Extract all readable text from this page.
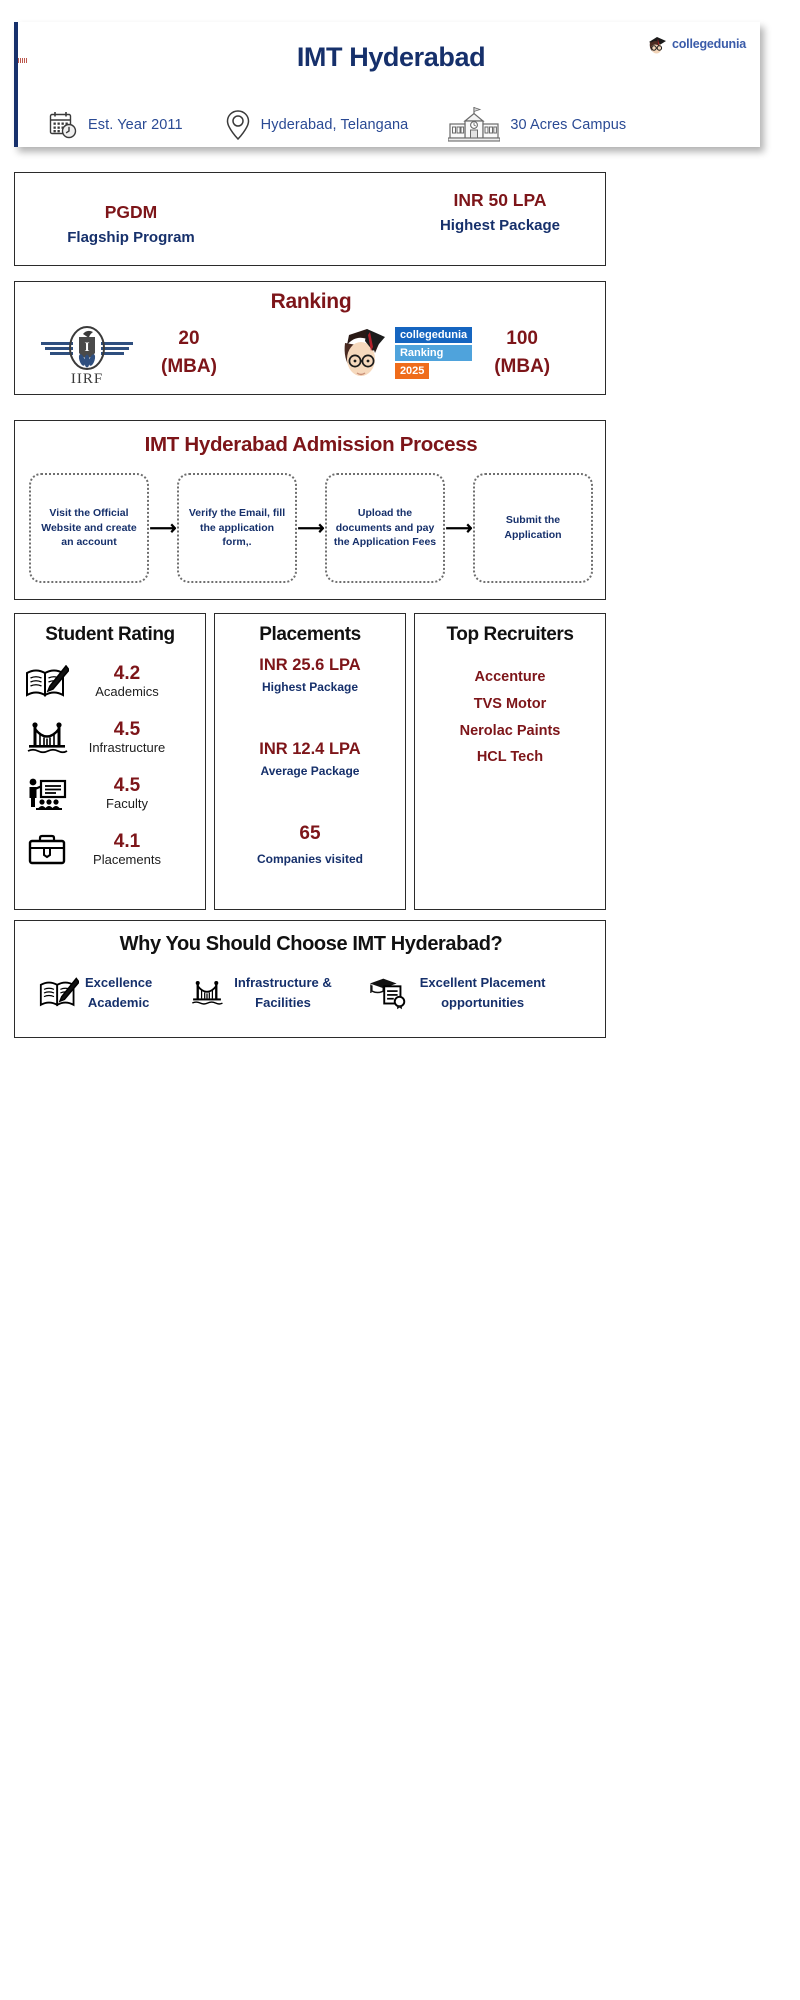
IMT Hyderabad	collegedunia
Est. Year 2011	Hyderabad, Telangana	30 Acres Campus
PGDM
Flagship Program
INR 50 LPA
Highest Package
Ranking
I
IIRF
20
(MBA)
collegedunia
Ranking
2025
100
(MBA)
IMT Hyderabad Admission Process
Visit the Official Website and create an account
⟶
Verify the Email, fill the application form,.
⟶
Upload the documents and pay the Application Fees
⟶	Submit the Application
Student Rating
4.2
Academics
4.5
Infrastructure
4.5
Faculty
4.1
Placements
Placements
INR 25.6 LPA
Highest Package
INR 12.4 LPA
Average Package
65
Companies visited
Top Recruiters
Accenture
TVS Motor
Nerolac Paints
HCL Tech
Why You Should Choose IMT Hyderabad?
Excellence
Academic
Infrastructure &
Facilities
Excellent Placement
opportunities
